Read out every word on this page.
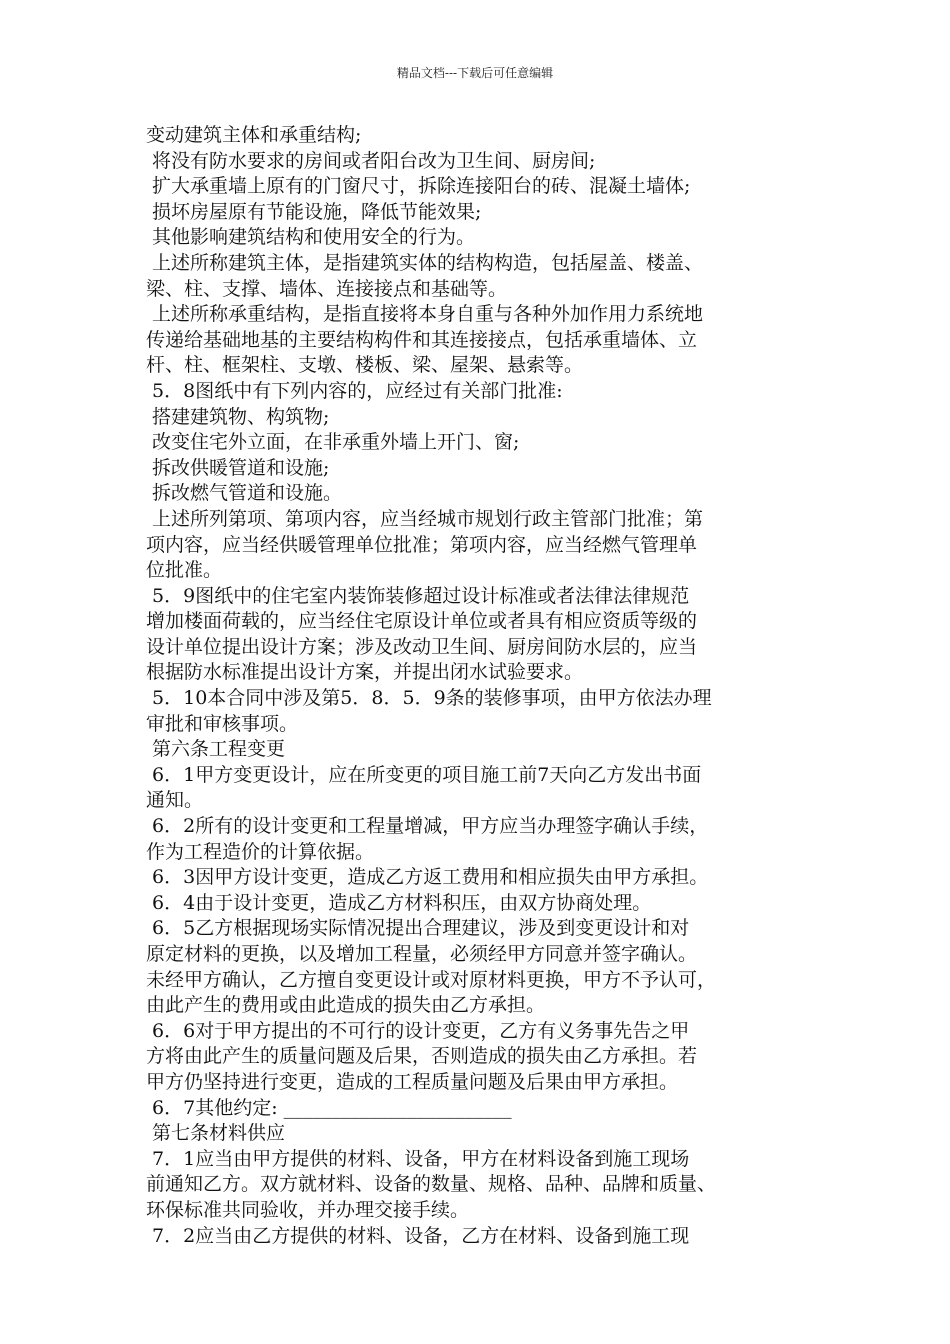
精品文档---下载后可任意编辑
变动建筑主体和承重结构;
将没有防水要求的房间或者阳台改为卫生间、厨房间;
扩大承重墙上原有的门窗尺寸，拆除连接阳台的砖、混凝土墙体;
损坏房屋原有节能设施，降低节能效果;
其他影响建筑结构和使用安全的行为。
上述所称建筑主体，是指建筑实体的结构构造，包括屋盖、楼盖、
梁、柱、支撑、墙体、连接接点和基础等。
上述所称承重结构，是指直接将本身自重与各种外加作用力系统地
传递给基础地基的主要结构构件和其连接接点，包括承重墙体、立
杆、柱、框架柱、支墩、楼板、梁、屋架、悬索等。
5．8图纸中有下列内容的，应经过有关部门批准:
搭建建筑物、构筑物;
改变住宅外立面，在非承重外墙上开门、窗;
拆改供暖管道和设施;
拆改燃气管道和设施。
上述所列第项、第项内容，应当经城市规划行政主管部门批准；第
项内容，应当经供暖管理单位批准；第项内容，应当经燃气管理单
位批准。
5．9图纸中的住宅室内装饰装修超过设计标准或者法律法律规范
增加楼面荷载的，应当经住宅原设计单位或者具有相应资质等级的
设计单位提出设计方案；涉及改动卫生间、厨房间防水层的，应当
根据防水标准提出设计方案，并提出闭水试验要求。
5．10本合同中涉及第5．8．5．9条的装修事项，由甲方依法办理
审批和审核事项。
第六条工程变更
6．1甲方变更设计，应在所变更的项目施工前7天向乙方发出书面
通知。
6．2所有的设计变更和工程量增减，甲方应当办理签字确认手续，
作为工程造价的计算依据。
6．3因甲方设计变更，造成乙方返工费用和相应损失由甲方承担。
6．4由于设计变更，造成乙方材料积压，由双方协商处理。
6．5乙方根据现场实际情况提出合理建议，涉及到变更设计和对
原定材料的更换，以及增加工程量，必须经甲方同意并签字确认。
未经甲方确认，乙方擅自变更设计或对原材料更换，甲方不予认可，
由此产生的费用或由此造成的损失由乙方承担。
6．6对于甲方提出的不可行的设计变更，乙方有义务事先告之甲
方将由此产生的质量问题及后果，否则造成的损失由乙方承担。若
甲方仍坚持进行变更，造成的工程质量问题及后果由甲方承担。
6．7其他约定: ________________________
第七条材料供应
7．1应当由甲方提供的材料、设备，甲方在材料设备到施工现场
前通知乙方。双方就材料、设备的数量、规格、品种、品牌和质量、
环保标准共同验收，并办理交接手续。
7．2应当由乙方提供的材料、设备，乙方在材料、设备到施工现
